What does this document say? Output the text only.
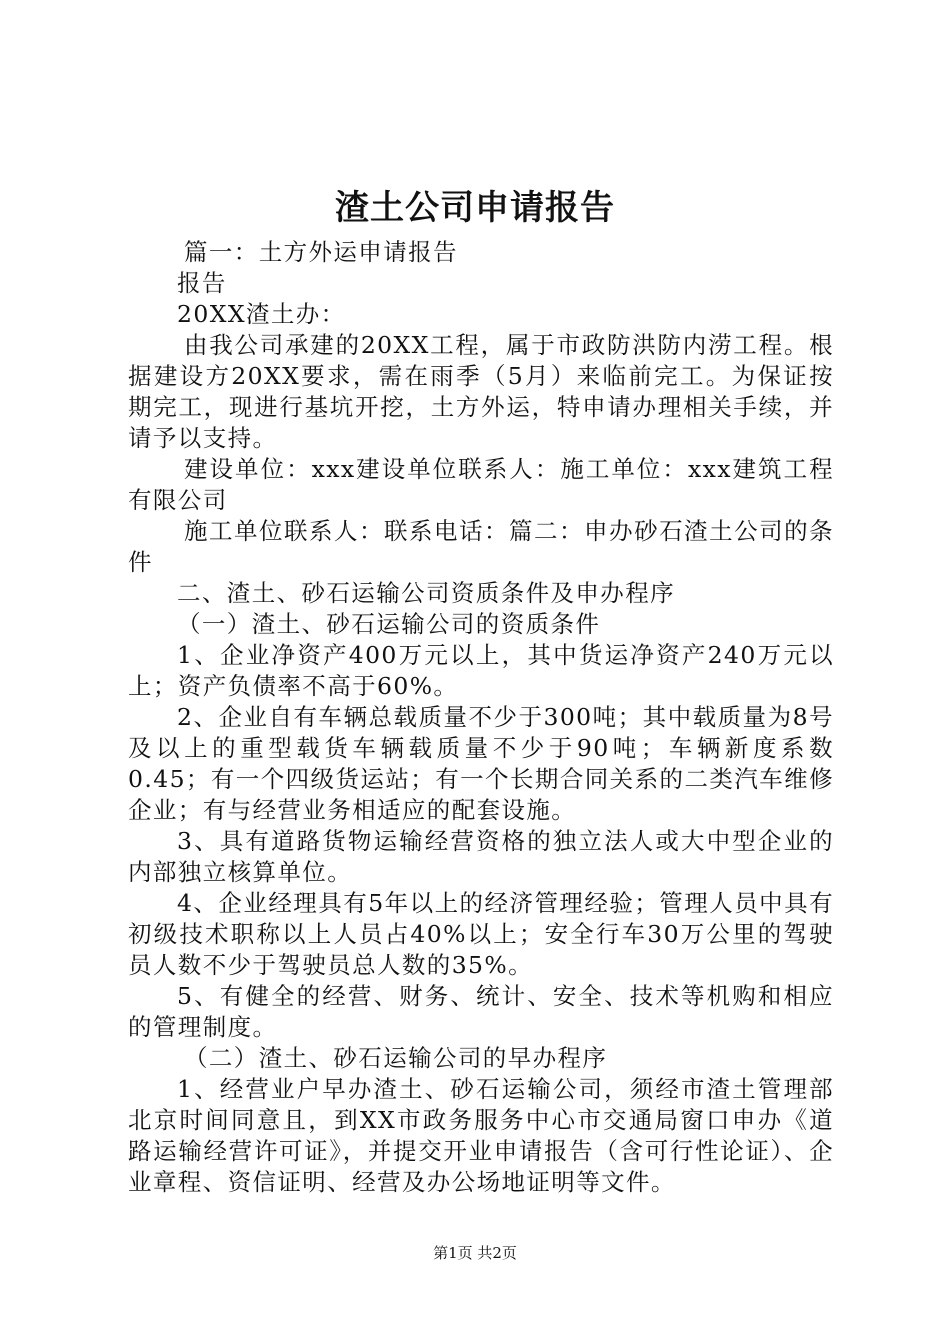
渣土公司申请报告

篇一：土方外运申请报告

报告

20XX渣土办：

由我公司承建的20XX工程，属于市政防洪防内涝工程。根据建设方20XX要求，需在雨季（5月）来临前完工。为保证按期完工，现进行基坑开挖，土方外运，特申请办理相关手续，并请予以支持。

建设单位：xxx建设单位联系人：施工单位：xxx建筑工程有限公司

施工单位联系人：联系电话：篇二：申办砂石渣土公司的条件

二、渣土、砂石运输公司资质条件及申办程序

（一）渣土、砂石运输公司的资质条件

1、企业净资产400万元以上，其中货运净资产240万元以上；资产负债率不高于60%。

2、企业自有车辆总载质量不少于300吨；其中载质量为8号及以上的重型载货车辆载质量不少于90吨；车辆新度系数0.45；有一个四级货运站；有一个长期合同关系的二类汽车维修企业；有与经营业务相适应的配套设施。

3、具有道路货物运输经营资格的独立法人或大中型企业的内部独立核算单位。

4、企业经理具有5年以上的经济管理经验；管理人员中具有初级技术职称以上人员占40%以上；安全行车30万公里的驾驶员人数不少于驾驶员总人数的35%。

5、有健全的经营、财务、统计、安全、技术等机购和相应的管理制度。

（二）渣土、砂石运输公司的早办程序

1、经营业户早办渣土、砂石运输公司，须经市渣土管理部北京时间同意且，到XX市政务服务中心市交通局窗口申办《道路运输经营许可证》，并提交开业申请报告（含可行性论证）、企业章程、资信证明、经营及办公场地证明等文件。

第1页 共2页
